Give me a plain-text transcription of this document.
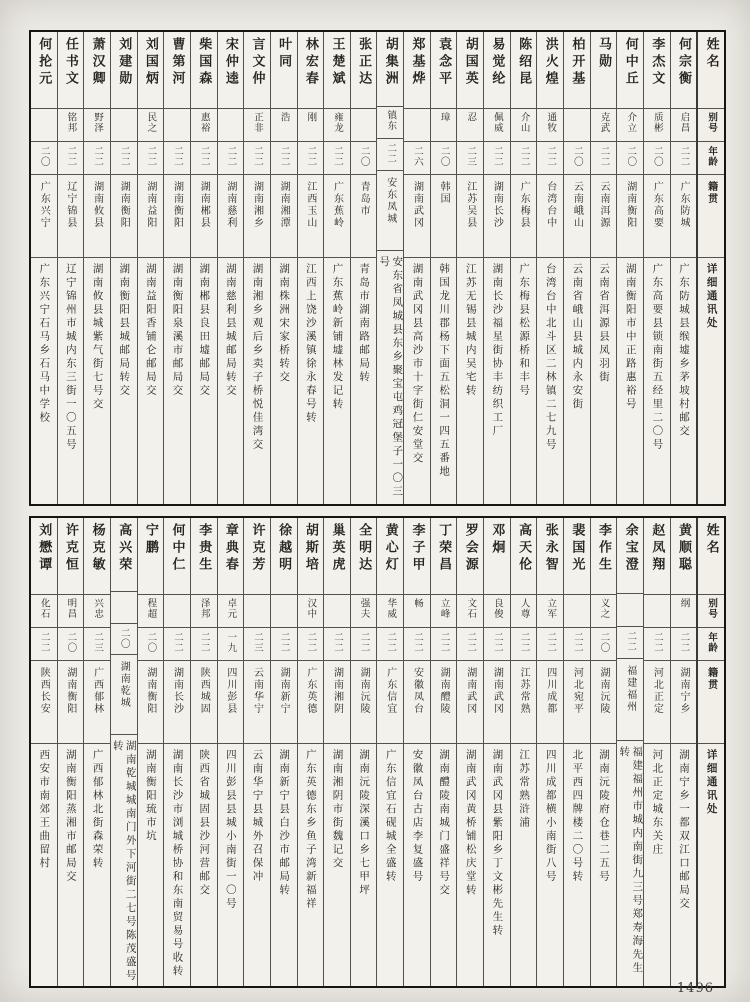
姓名
别号
年龄
籍贯
详细通讯处
何宗衡
启昌
二二
广东防城
广东防城县缑墟乡茅坡村邮交
李杰文
质彬
二〇
广东高要
广东高要县锁南街五经里二〇号
何中丘
介立
二〇
湖南衡阳
湖南衡阳市中正路惠裕号
马勋
克武
二二
云南洱源
云南省洱源县凤羽街
柏开基
二〇
云南峨山
云南省峨山县城内永安街
洪火煌
通牧
二二
台湾台中
台湾台中北斗区二林镇二七九号
陈绍昆
介山
二二
广东梅县
广东梅县松源桥和丰号
易觉纶
佩威
二二
湖南长沙
湖南长沙福星街协丰纺织工厂
胡国英
忍
二三
江苏吴县
江苏无锡县城内吴宅转
袁念平
璋
二〇
韩国
韩国龙川郡杨下面五松洞一四五番地
郑基烨
二六
湖南武冈
湖南武冈县高沙市十字街仁安堂交
胡集洲
镇东
二二
安东凤城
安东省凤城县东乡聚宝屯鸡冠堡子一〇三号
张正达
二〇
青岛市
青岛市湖南路邮局转
王楚斌
雍龙
二二
广东蕉岭
广东蕉岭新铺墟林发记转
林宏春
刚
二二
江西玉山
江西上饶沙溪镇徐永春号转
叶同
浩
二二
湖南湘潭
湖南株洲宋家桥转交
言文仲
正非
二二
湖南湘乡
湖南湘乡观后乡卖子桥悦佳湾交
宋仲逵
二二
湖南慈利
湖南慈利县城邮局转交
柴国森
惠裕
二二
湖南郴县
湖南郴县良田墟邮局交
曹第河
二二
湖南衡阳
湖南衡阳泉溪市邮局交
刘国炳
民之
二二
湖南益阳
湖南益阳香铺仑邮局交
刘建勋
二二
湖南衡阳
湖南衡阳县城邮局转交
萧汉卿
野泽
二二
湖南攸县
湖南攸县城紫气街七号交
任书文
铭邦
二二
辽宁锦县
辽宁锦州市城内东三街一〇五号
何抡元
二〇
广东兴宁
广东兴宁石马乡石马中学校
姓名
别号
年龄
籍贯
详细通讯处
黄顺聪
纲
二二
湖南宁乡
湖南宁乡一都双江口邮局交
赵凤翔
二二
河北正定
河北正定城东关庄
余宝澄
二二
福建福州
福建福州市城内南街九三号郑寿海先生转
李作生
义之
二〇
湖南沅陵
湖南沅陵府仓巷二五号
裴国光
二二
河北宛平
北平西四牌楼二〇号转
张永智
立军
二二
四川成都
四川成都横小南街八号
高天伦
人尊
二二
江苏常熟
江苏常熟浒浦
邓炯
良俊
二二
湖南武冈
湖南武冈县紫阳乡丁文彬先生转
罗会源
文石
二二
湖南武冈
湖南武冈黄桥铺松庆堂转
丁荣昌
立峰
二二
湖南醴陵
湖南醴陵南城门盛祥号交
李子甲
畅
二二
安徽凤台
安徽凤台古店李复盛号
黄心灯
华威
二二
广东信宜
广东信宜石砚城全盛转
全明达
强夫
二二
湖南沅陵
湖南沅陵深溪口乡七甲坪
巢英虎
二二
湖南湘阴
湖南湘阴市街魏记交
胡斯培
汉中
二二
广东英德
广东英德东乡鱼子湾新福祥
徐越明
二二
湖南新宁
湖南新宁县白沙市邮局转
许克芳
二三
云南华宁
云南华宁县城外召保冲
章典春
卓元
一九
四川彭县
四川彭县县城小南街一〇号
李贵生
泽邦
二二
陕西城固
陕西省城固县沙河营邮交
何中仁
二二
湖南长沙
湖南长沙市浏城桥协和东南贸易号收转
宁鹏
程超
二〇
湖南衡阳
湖南衡阳琉市坑
高兴荣
二〇
湖南乾城
湖南乾城城南门外下河街二七号陈茂盛号转
杨克敏
兴忠
二三
广西郁林
广西郁林北街森荣转
许克恒
明昌
二〇
湖南衡阳
湖南衡阳蒸湘市邮局交
刘懋谭
化石
二二
陕西长安
西安市南郊王曲留村
1496
